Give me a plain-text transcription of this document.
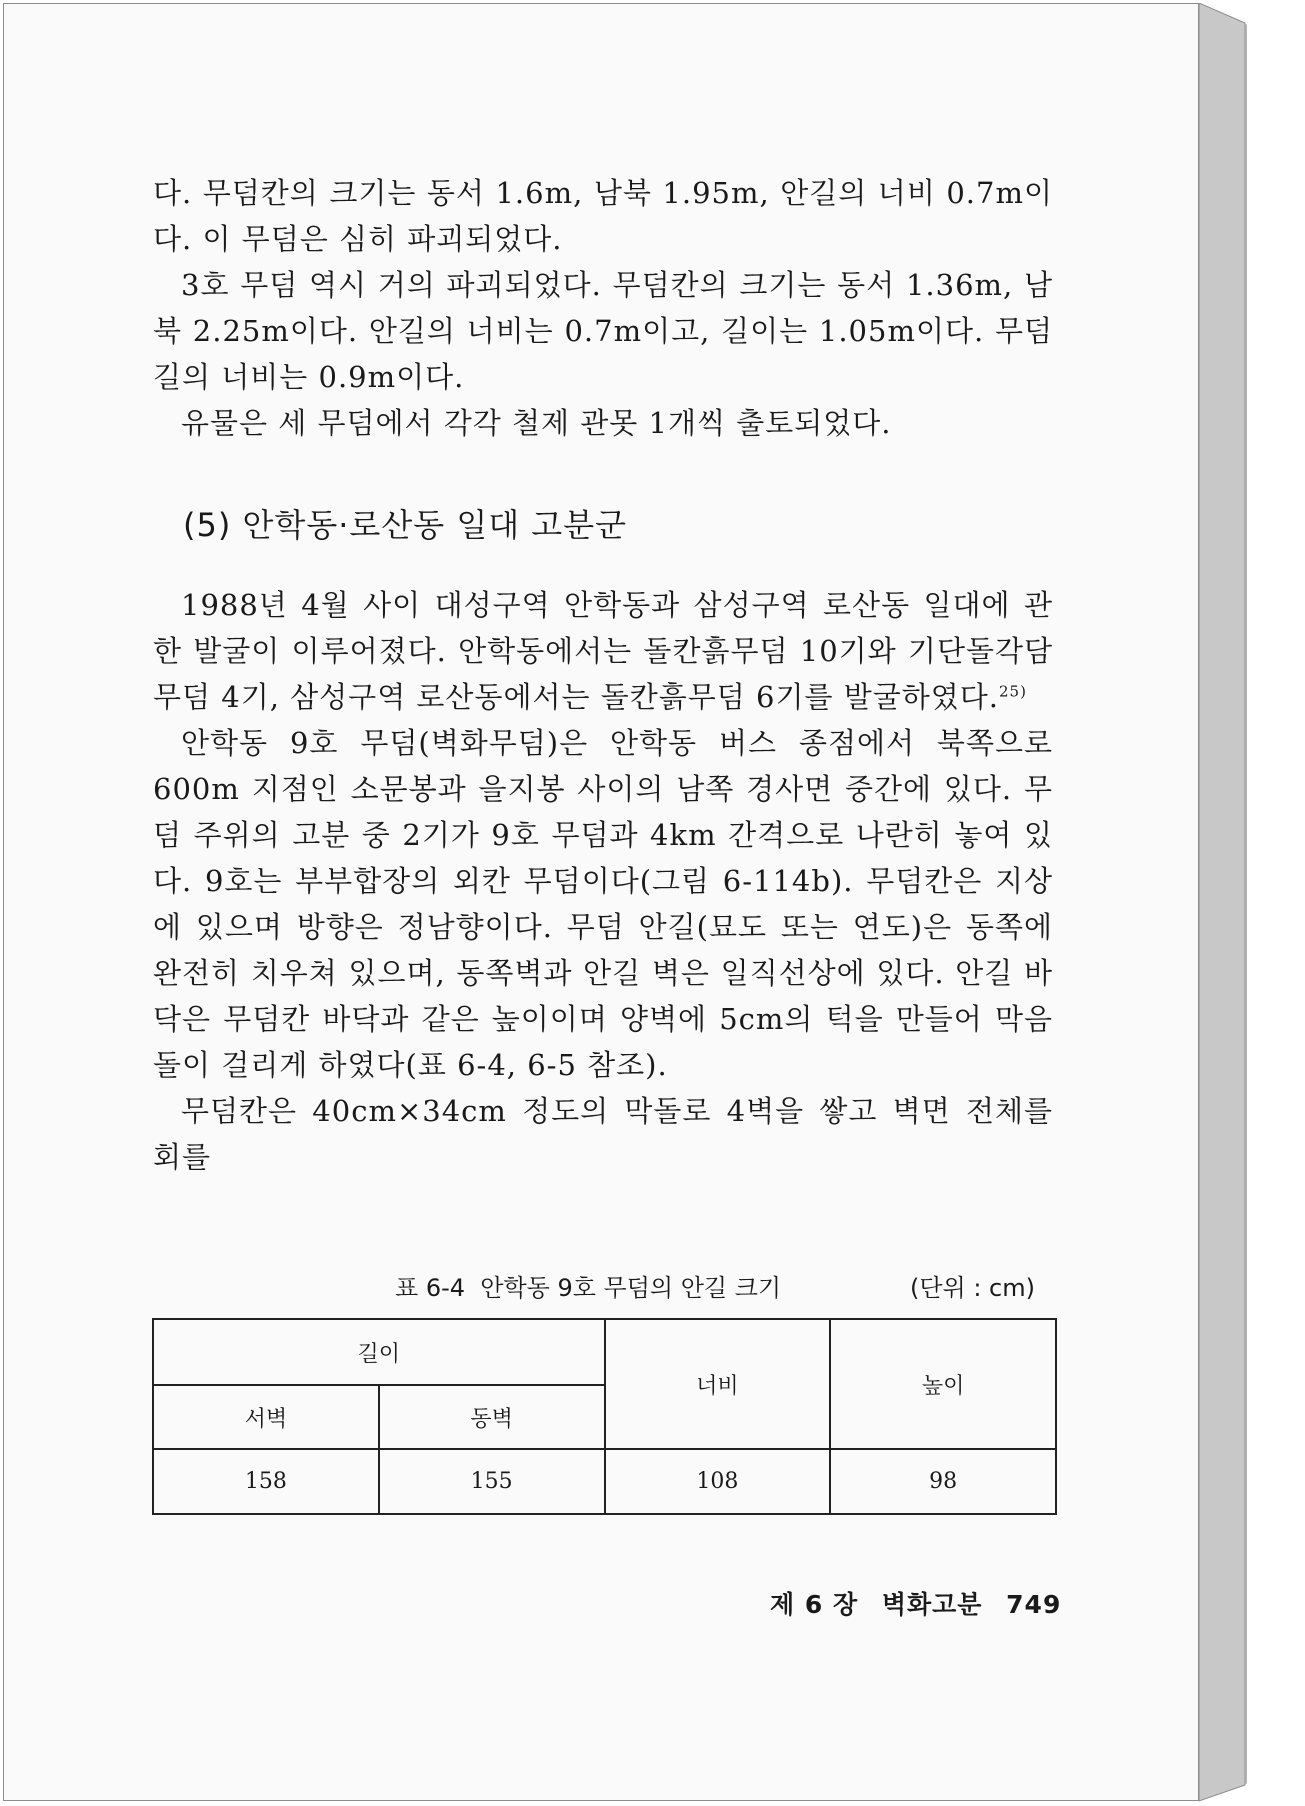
다. 무덤칸의 크기는 동서 1.6m, 남북 1.95m, 안길의 너비 0.7m이다. 이 무덤은 심히 파괴되었다.

3호 무덤 역시 거의 파괴되었다. 무덤칸의 크기는 동서 1.36m, 남북 2.25m이다. 안길의 너비는 0.7m이고, 길이는 1.05m이다. 무덤길의 너비는 0.9m이다.

유물은 세 무덤에서 각각 철제 관못 1개씩 출토되었다.

(5) 안학동·로산동 일대 고분군

1988년 4월 사이 대성구역 안학동과 삼성구역 로산동 일대에 관한 발굴이 이루어졌다. 안학동에서는 돌칸흙무덤 10기와 기단돌각담무덤 4기, 삼성구역 로산동에서는 돌칸흙무덤 6기를 발굴하였다.$^{25)}$

안학동 9호 무덤(벽화무덤)은 안학동 버스 종점에서 북쪽으로 600m 지점인 소문봉과 을지봉 사이의 남쪽 경사면 중간에 있다. 무덤 주위의 고분 중 2기가 9호 무덤과 4km 간격으로 나란히 놓여 있다. 9호는 부부합장의 외칸 무덤이다(그림 6-114b). 무덤칸은 지상에 있으며 방향은 정남향이다. 무덤 안길(묘도 또는 연도)은 동쪽에 완전히 치우쳐 있으며, 동쪽벽과 안길 벽은 일직선상에 있다. 안길 바닥은 무덤칸 바닥과 같은 높이이며 양벽에 5cm의 턱을 만들어 막음돌이 걸리게 하였다(표 6-4, 6-5 참조).

무덤칸은 40cm×34cm 정도의 막돌로 4벽을 쌓고 벽면 전체를 회를

표 6-4  안학동 9호 무덤의 안길 크기	(단위 : cm)
길이		너비	높이
서벽	동벽		
158	155	108	98
제 6 장 벽화고분 749
